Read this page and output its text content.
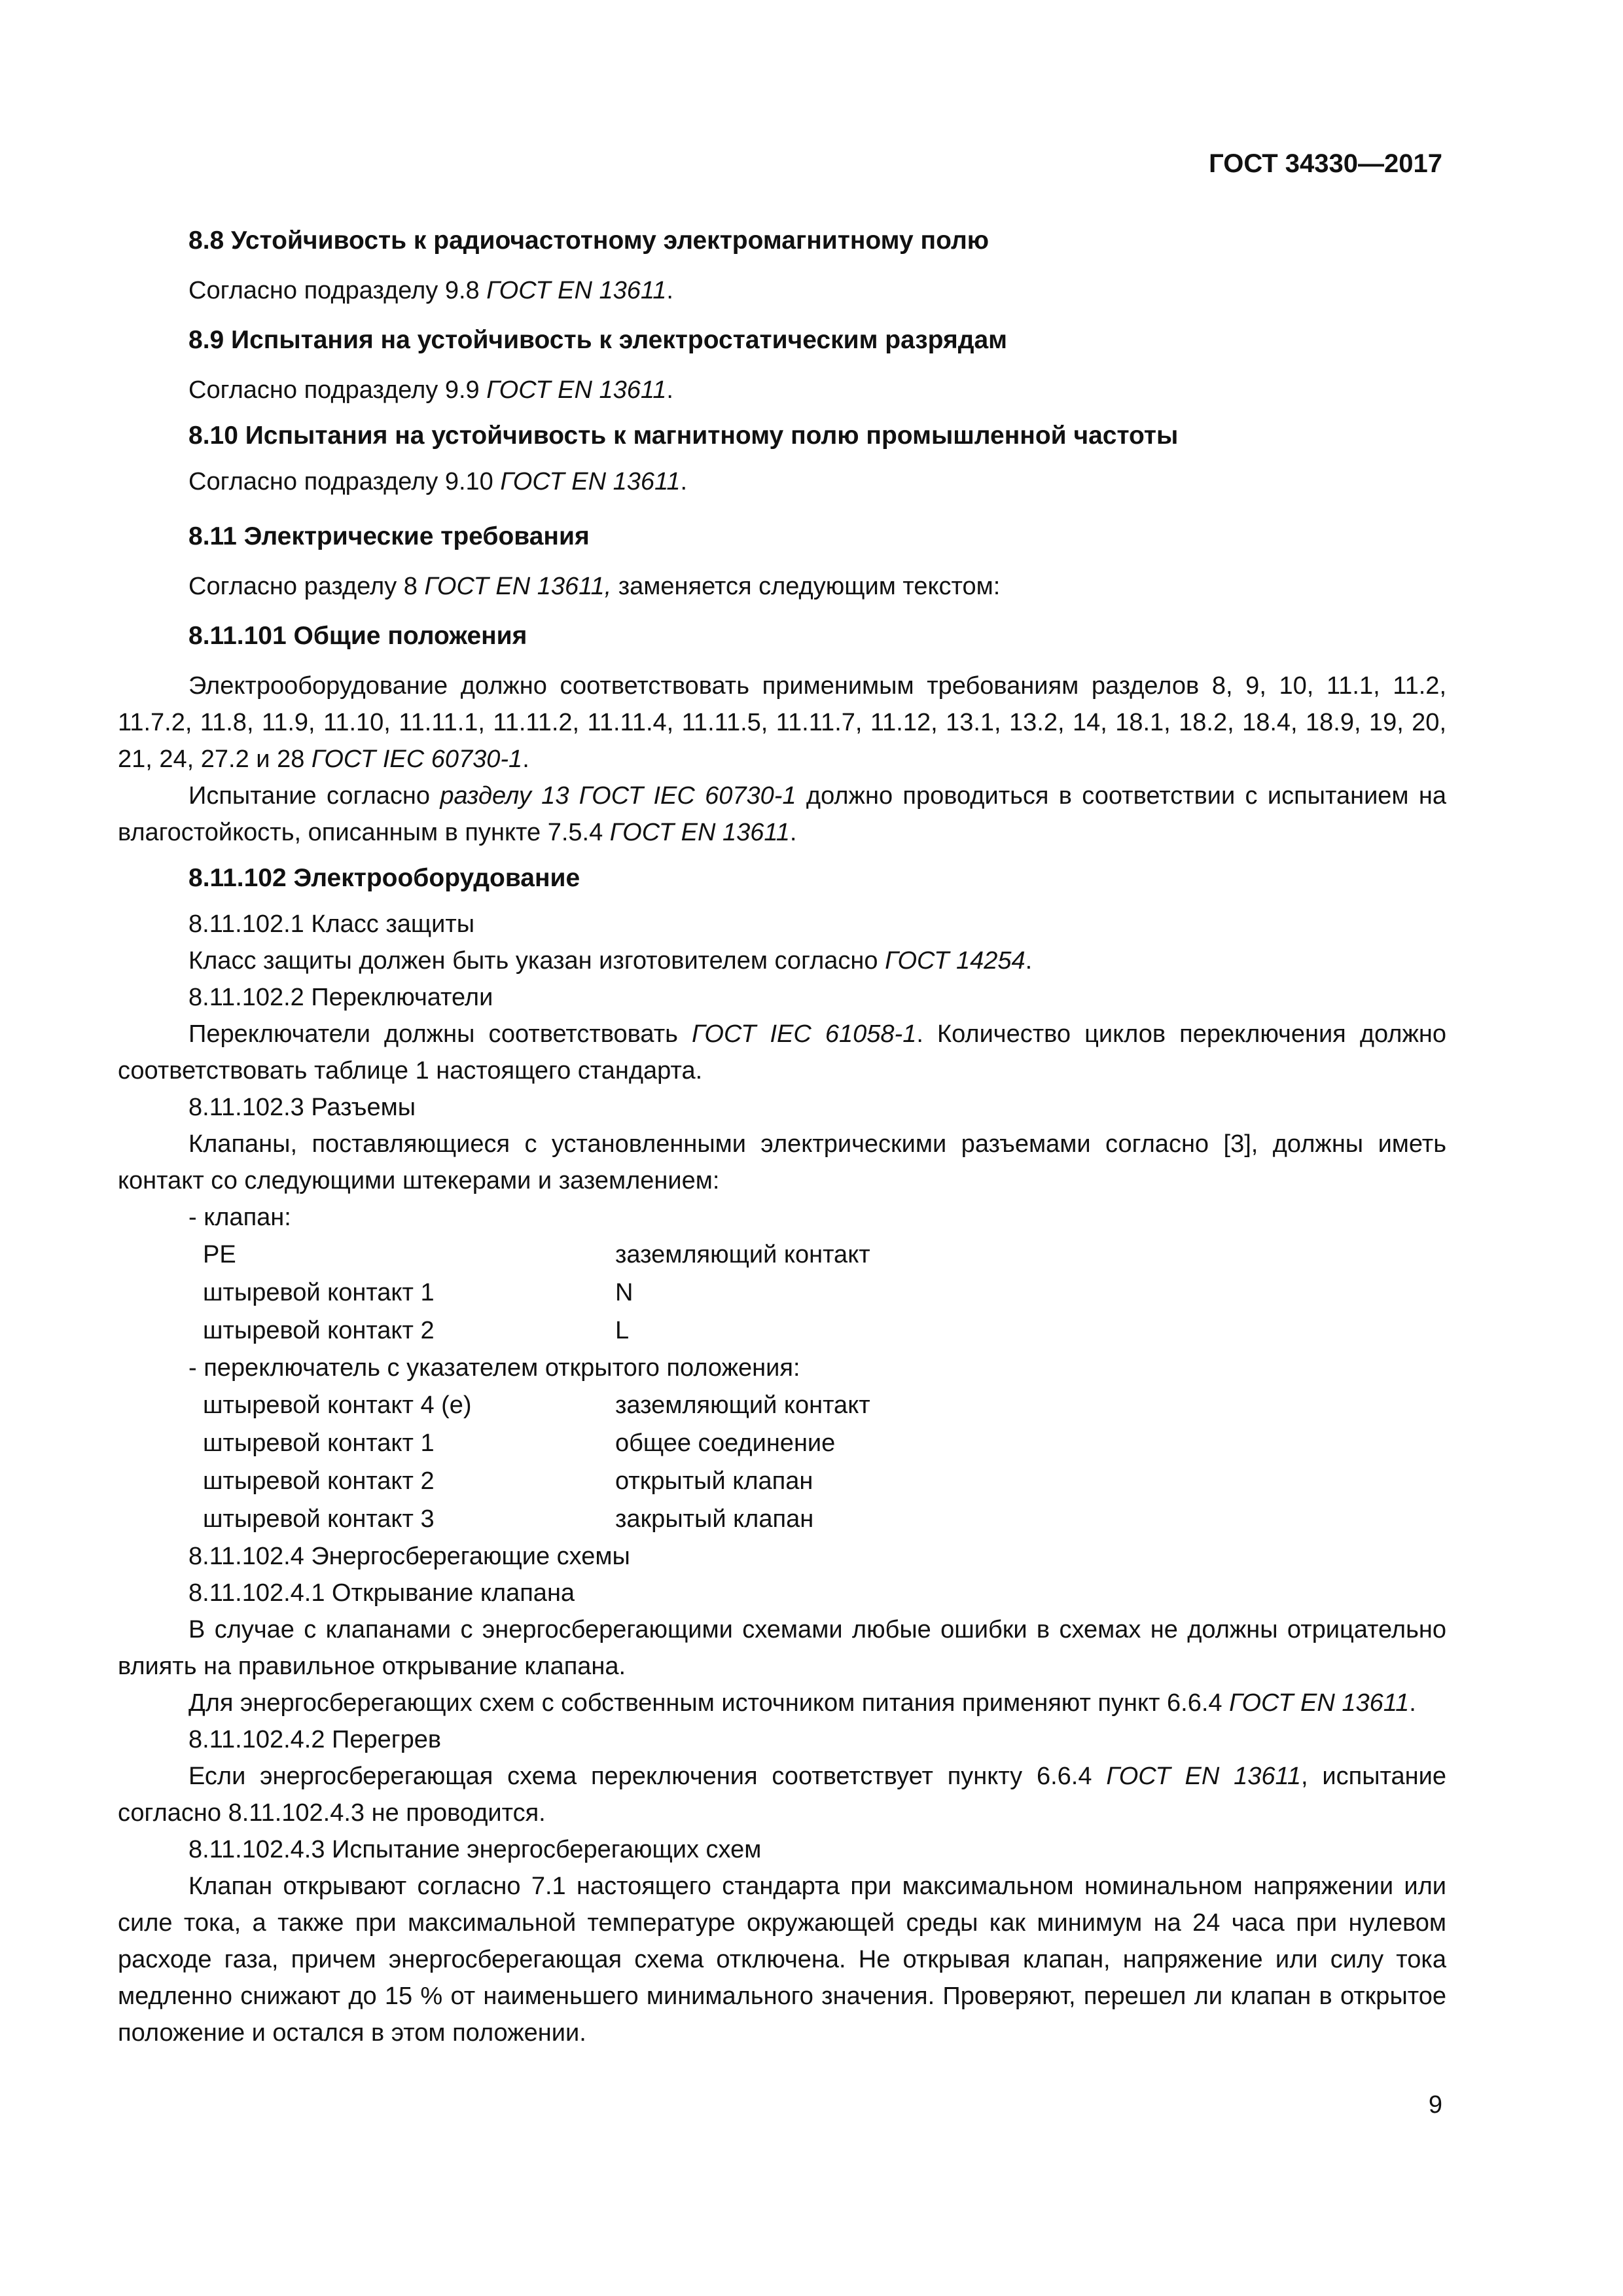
ГОСТ 34330—2017
8.8 Устойчивость к радиочастотному электромагнитному полю

Согласно подразделу 9.8 ГОСТ EN 13611.

8.9 Испытания на устойчивость к электростатическим разрядам

Согласно подразделу 9.9 ГОСТ EN 13611.

8.10 Испытания на устойчивость к магнитному полю промышленной частоты

Согласно подразделу 9.10 ГОСТ EN 13611.

8.11 Электрические требования

Согласно разделу 8 ГОСТ EN 13611, заменяется следующим текстом:

8.11.101 Общие положения

Электрооборудование должно соответствовать применимым требованиям разделов 8, 9, 10, 11.1, 11.2, 11.7.2, 11.8, 11.9, 11.10, 11.11.1, 11.11.2, 11.11.4, 11.11.5, 11.11.7, 11.12, 13.1, 13.2, 14, 18.1, 18.2, 18.4, 18.9, 19, 20, 21, 24, 27.2 и 28 ГОСТ IEC 60730-1.

Испытание согласно разделу 13 ГОСТ IEC 60730-1 должно проводиться в соответствии с испытанием на влагостойкость, описанным в пункте 7.5.4 ГОСТ EN 13611.

8.11.102 Электрооборудование

8.11.102.1 Класс защиты

Класс защиты должен быть указан изготовителем согласно ГОСТ 14254.

8.11.102.2 Переключатели

Переключатели должны соответствовать ГОСТ IEC 61058-1. Количество циклов переключения должно соответствовать таблице 1 настоящего стандарта.

8.11.102.3 Разъемы

Клапаны, поставляющиеся с установленными электрическими разъемами согласно [3], должны иметь контакт со следующими штекерами и заземлением:

- клапан:

PE	заземляющий контакт
штыревой контакт 1	N
штыревой контакт 2	L

- переключатель с указателем открытого положения:

штыревой контакт 4 (е)	заземляющий контакт
штыревой контакт 1	общее соединение
штыревой контакт 2	открытый клапан
штыревой контакт 3	закрытый клапан

8.11.102.4 Энергосберегающие схемы

8.11.102.4.1 Открывание клапана

В случае с клапанами с энергосберегающими схемами любые ошибки в схемах не должны отрицательно влиять на правильное открывание клапана.

Для энергосберегающих схем с собственным источником питания применяют пункт 6.6.4 ГОСТ EN 13611.

8.11.102.4.2 Перегрев

Если энергосберегающая схема переключения соответствует пункту 6.6.4 ГОСТ EN 13611, испытание согласно 8.11.102.4.3 не проводится.

8.11.102.4.3 Испытание энергосберегающих схем

Клапан открывают согласно 7.1 настоящего стандарта при максимальном номинальном напряжении или силе тока, а также при максимальной температуре окружающей среды как минимум на 24 часа при нулевом расходе газа, причем энергосберегающая схема отключена. Не открывая клапан, напряжение или силу тока медленно снижают до 15 % от наименьшего минимального значения. Проверяют, перешел ли клапан в открытое положение и остался в этом положении.

9
